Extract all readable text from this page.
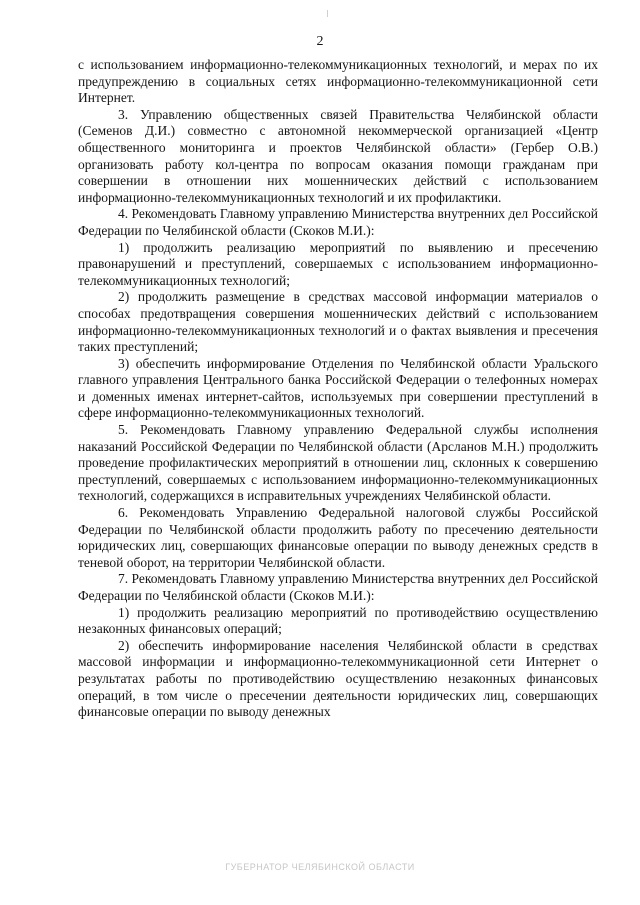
2

с использованием информационно-телекоммуникационных технологий, и мерах по их предупреждению в социальных сетях информационно-телекоммуникационной сети Интернет.

3. Управлению общественных связей Правительства Челябинской области (Семенов Д.И.) совместно с автономной некоммерческой организацией «Центр общественного мониторинга и проектов Челябинской области» (Гербер О.В.) организовать работу кол-центра по вопросам оказания помощи гражданам при совершении в отношении них мошеннических действий с использованием информационно-телекоммуникационных технологий и их профилактики.

4. Рекомендовать Главному управлению Министерства внутренних дел Российской Федерации по Челябинской области (Скоков М.И.):

1) продолжить реализацию мероприятий по выявлению и пресечению правонарушений и преступлений, совершаемых с использованием информационно-телекоммуникационных технологий;

2) продолжить размещение в средствах массовой информации материалов о способах предотвращения совершения мошеннических действий с использованием информационно-телекоммуникационных технологий и о фактах выявления и пресечения таких преступлений;

3) обеспечить информирование Отделения по Челябинской области Уральского главного управления Центрального банка Российской Федерации о телефонных номерах и доменных именах интернет-сайтов, используемых при совершении преступлений в сфере информационно-телекоммуникационных технологий.

5. Рекомендовать Главному управлению Федеральной службы исполнения наказаний Российской Федерации по Челябинской области (Арсланов М.Н.) продолжить проведение профилактических мероприятий в отношении лиц, склонных к совершению преступлений, совершаемых с использованием информационно-телекоммуникационных технологий, содержащихся в исправительных учреждениях Челябинской области.

6. Рекомендовать Управлению Федеральной налоговой службы Российской Федерации по Челябинской области продолжить работу по пресечению деятельности юридических лиц, совершающих финансовые операции по выводу денежных средств в теневой оборот, на территории Челябинской области.

7. Рекомендовать Главному управлению Министерства внутренних дел Российской Федерации по Челябинской области (Скоков М.И.):

1) продолжить реализацию мероприятий по противодействию осуществлению незаконных финансовых операций;

2) обеспечить информирование населения Челябинской области в средствах массовой информации и информационно-телекоммуникационной сети Интернет о результатах работы по противодействию осуществлению незаконных финансовых операций, в том числе о пресечении деятельности юридических лиц, совершающих финансовые операции по выводу денежных

ГУБЕРНАТОР ЧЕЛЯБИНСКОЙ ОБЛАСТИ
